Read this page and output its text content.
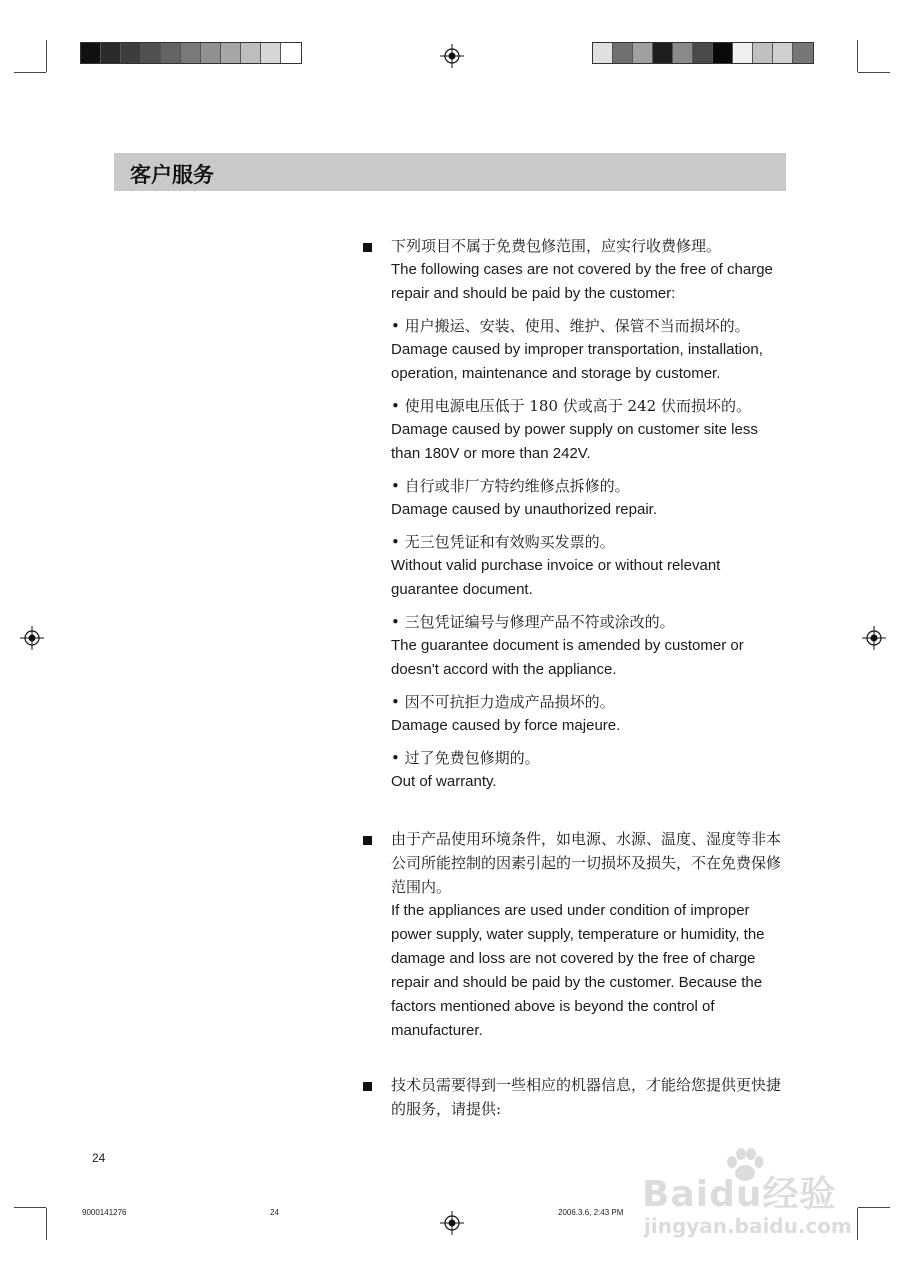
客户服务
下列项目不属于免费包修范围，应实行收费修理。
The following cases are not covered by the free of charge repair and should be paid by the customer:
• 用户搬运、安装、使用、维护、保管不当而损坏的。
Damage caused by improper transportation, installation, operation, maintenance and storage by customer.
• 使用电源电压低于 180 伏或高于 242 伏而损坏的。
Damage caused by power supply on customer site less than 180V or more than 242V.
• 自行或非厂方特约维修点拆修的。
Damage caused by unauthorized repair.
• 无三包凭证和有效购买发票的。
Without valid purchase invoice or without relevant guarantee document.
• 三包凭证编号与修理产品不符或涂改的。
The guarantee document is amended by customer or doesn't accord with the appliance.
• 因不可抗拒力造成产品损坏的。
Damage caused by force majeure.
• 过了免费包修期的。
Out of warranty.
由于产品使用环境条件，如电源、水源、温度、湿度等非本公司所能控制的因素引起的一切损坏及损失，不在免费保修范围内。
If the appliances are used under condition of improper power supply, water supply, temperature or humidity, the damage and loss are not covered by the free of charge repair and should be paid by the customer. Because the factors mentioned above is beyond the control of manufacturer.
技术员需要得到一些相应的机器信息，才能给您提供更快捷的服务，请提供:
24
9000141276	24	2006.3.6, 2:43 PM Baidu经验
jingyan.baidu.com
